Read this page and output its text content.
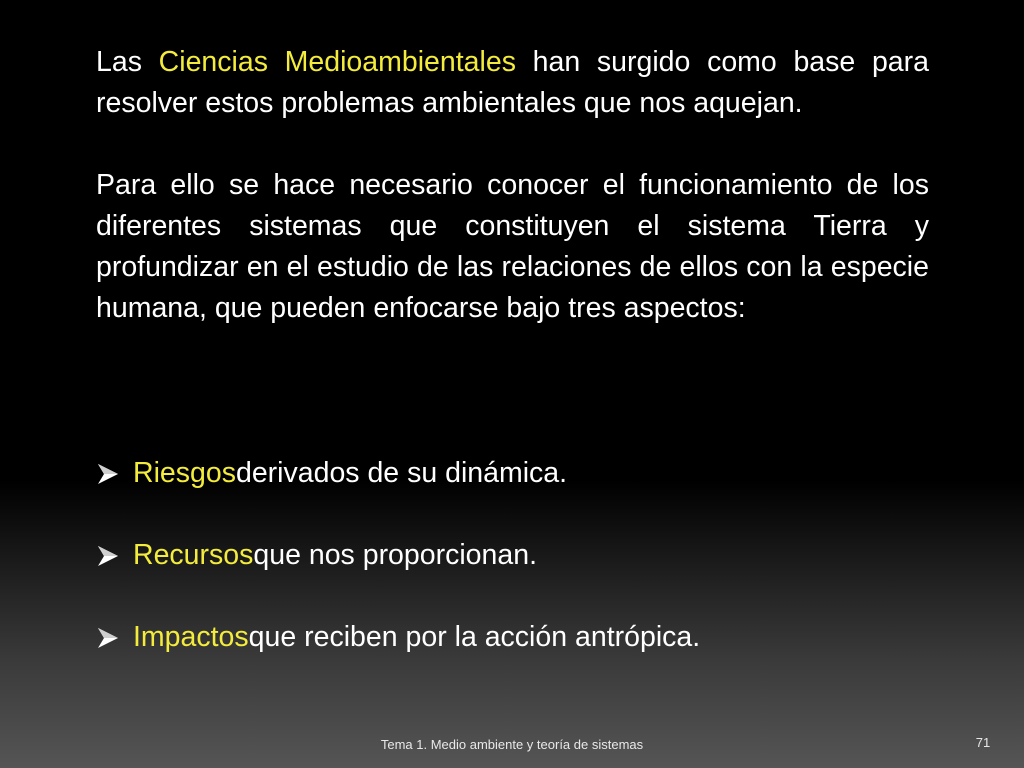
Las Ciencias Medioambientales han surgido como base para resolver estos problemas ambientales que nos aquejan.

Para ello se hace necesario conocer el funcionamiento de los diferentes sistemas que constituyen el sistema Tierra y profundizar en el estudio de las relaciones de ellos con la especie humana, que pueden enfocarse bajo tres aspectos:

Riesgos derivados de su dinámica.
Recursos que nos proporcionan.
Impactos que reciben por la acción antrópica.
Tema 1. Medio ambiente y teoría de sistemas	71
